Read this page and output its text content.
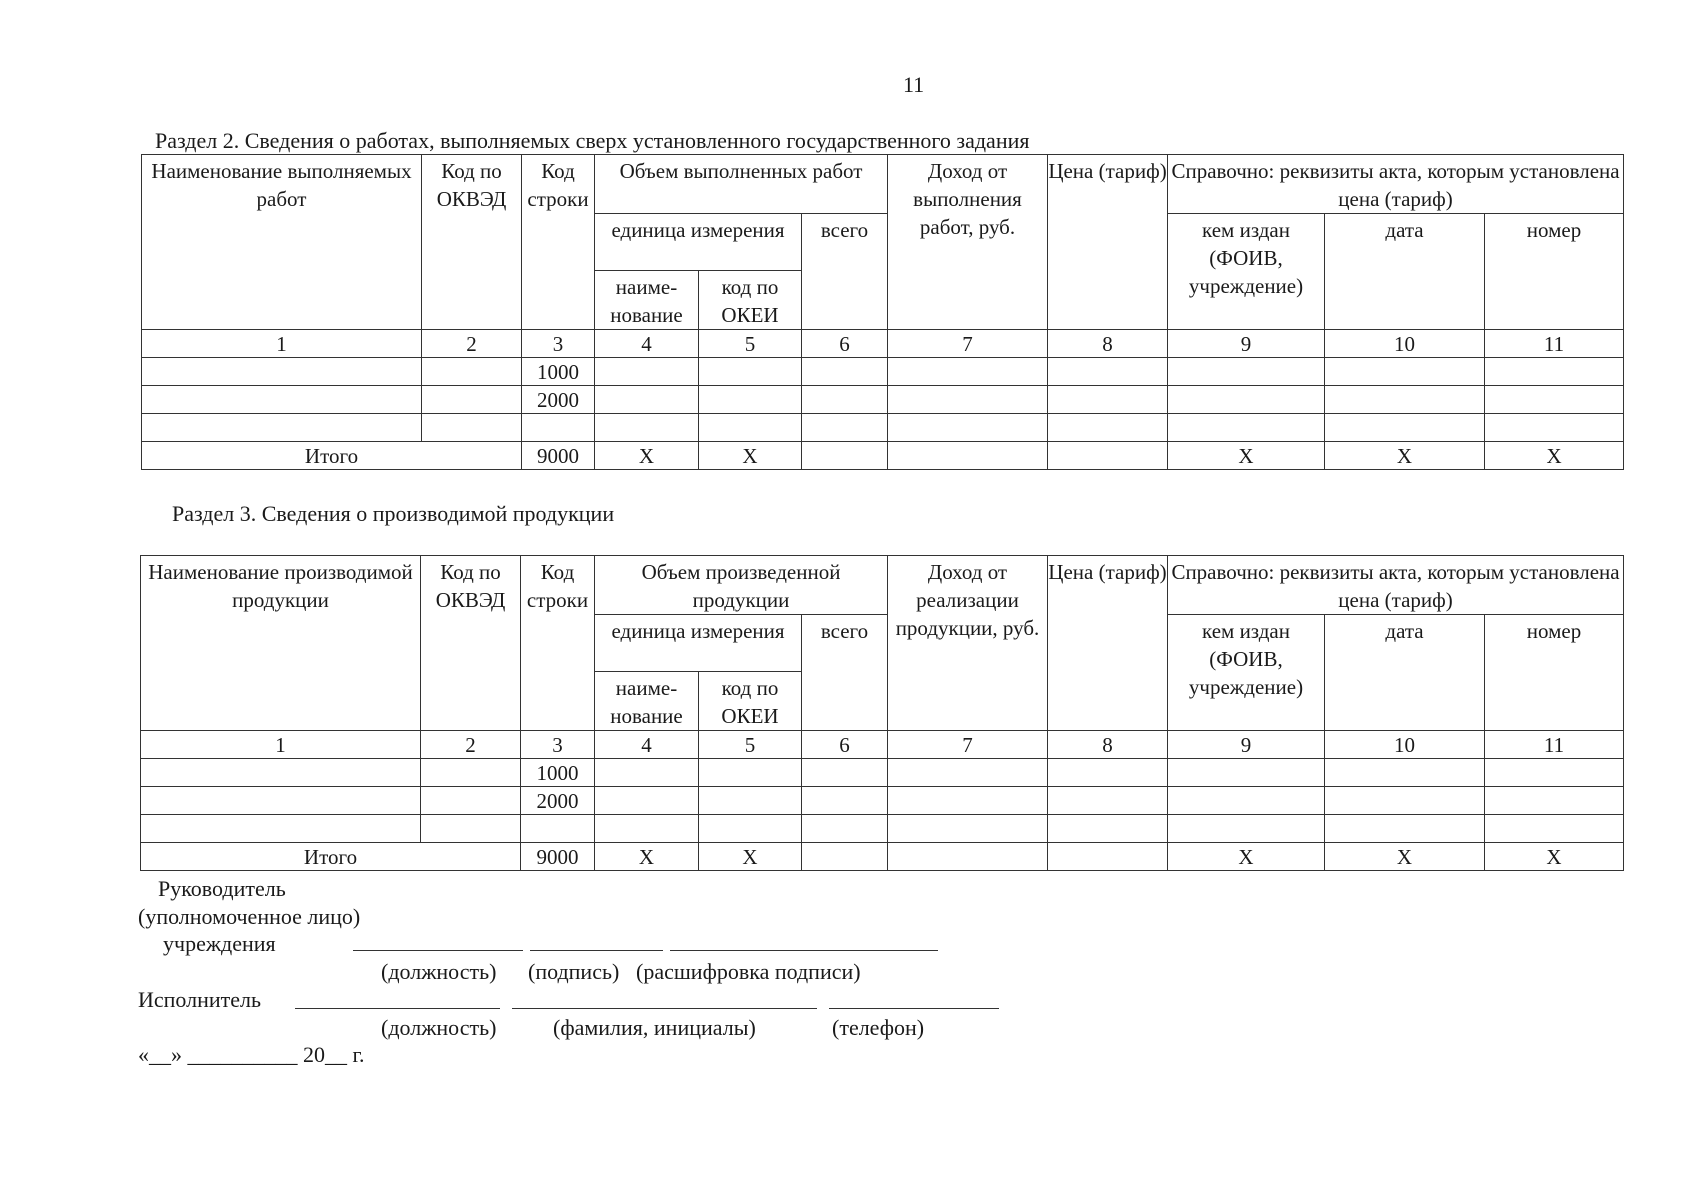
11
Раздел 2. Сведения о работах, выполняемых сверх установленного государственного задания
Наименование выполняемых работ	Код по ОКВЭД	Код строки	Объем выполненных работ			Доход от выполнения работ, руб.	Цена (тариф)	Справочно: реквизиты акта, которым установлена цена (тариф)		
			единица измерения		всего			кем издан (ФОИВ, учреждение)	дата	номер
			наиме-нование	код по ОКЕИ						
1	2	3	4	5	6	7	8	9	10	11
		1000								
		2000								

Итого		9000	X	X				X	X	X
Раздел 3. Сведения о производимой продукции
Наименование производимой продукции	Код по ОКВЭД	Код строки	Объем произведенной продукции			Доход от реализации продукции, руб.	Цена (тариф)	Справочно: реквизиты акта, которым установлена цена (тариф)		
			единица измерения		всего			кем издан (ФОИВ, учреждение)	дата	номер
			наиме-нование	код по ОКЕИ						
1	2	3	4	5	6	7	8	9	10	11
		1000								
		2000								

Итого		9000	X	X				X	X	X
Руководитель
(уполномоченное лицо)
учреждения
(должность) (подпись) (расшифровка подписи)
Исполнитель
(должность)	(фамилия, инициалы)	(телефон)
«__» __________ 20__ г.
